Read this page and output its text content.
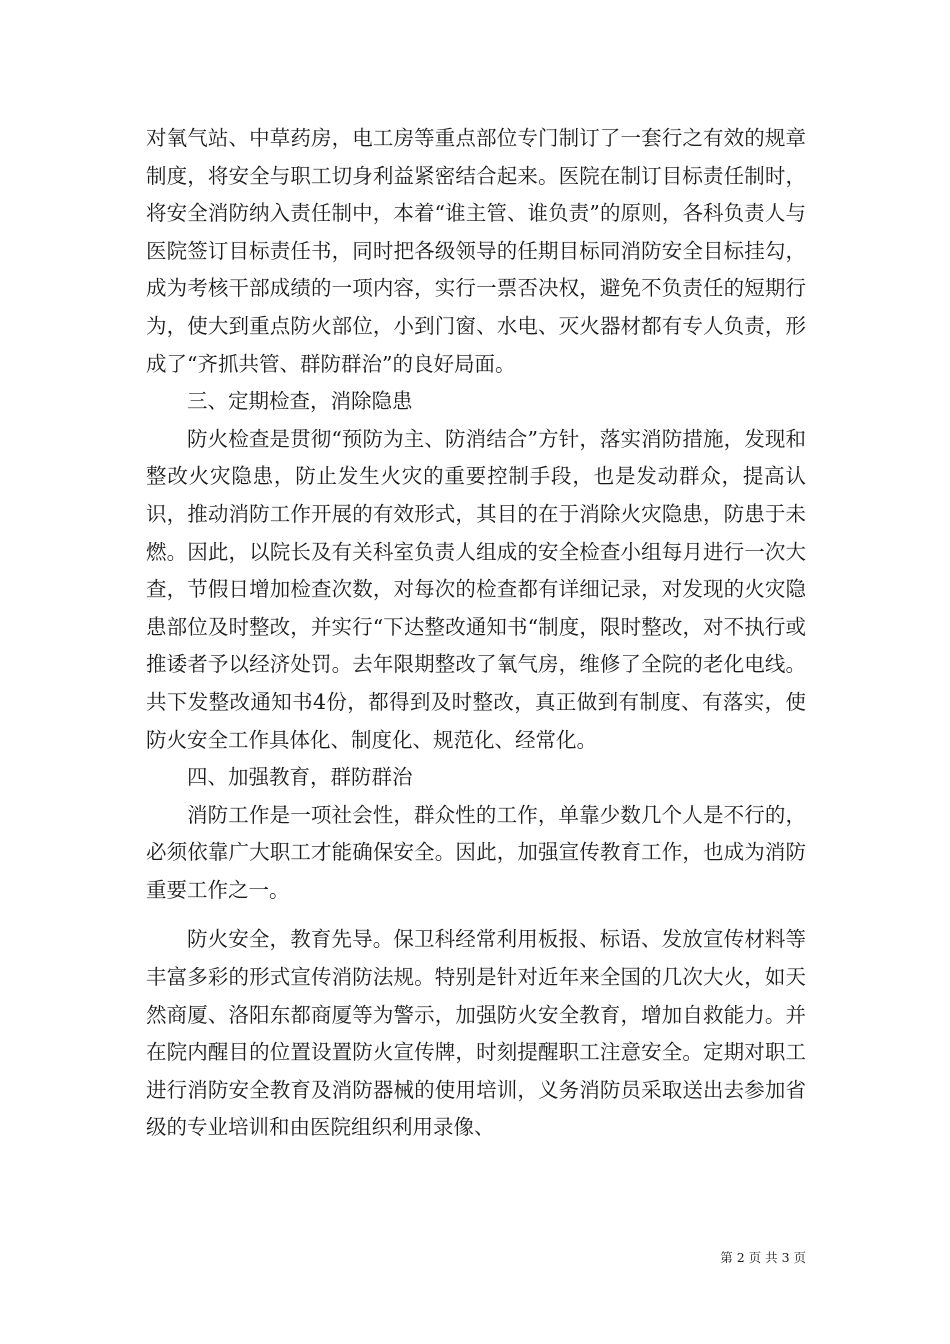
对氧气站、中草药房，电工房等重点部位专门制订了一套行之有效的规章制度，将安全与职工切身利益紧密结合起来。医院在制订目标责任制时，将安全消防纳入责任制中，本着“谁主管、谁负责”的原则，各科负责人与医院签订目标责任书，同时把各级领导的任期目标同消防安全目标挂勾，成为考核干部成绩的一项内容，实行一票否决权，避免不负责任的短期行为，使大到重点防火部位，小到门窗、水电、灭火器材都有专人负责，形成了“齐抓共管、群防群治”的良好局面。

三、定期检查，消除隐患

防火检查是贯彻“预防为主、防消结合”方针，落实消防措施，发现和整改火灾隐患，防止发生火灾的重要控制手段，也是发动群众，提高认识，推动消防工作开展的有效形式，其目的在于消除火灾隐患，防患于未燃。因此，以院长及有关科室负责人组成的安全检查小组每月进行一次大查，节假日增加检查次数，对每次的检查都有详细记录，对发现的火灾隐患部位及时整改，并实行“下达整改通知书“制度，限时整改，对不执行或推诿者予以经济处罚。去年限期整改了氧气房，维修了全院的老化电线。共下发整改通知书4份，都得到及时整改，真正做到有制度、有落实，使防火安全工作具体化、制度化、规范化、经常化。

四、加强教育，群防群治

消防工作是一项社会性，群众性的工作，单靠少数几个人是不行的，必须依靠广大职工才能确保安全。因此，加强宣传教育工作，也成为消防重要工作之一。

防火安全，教育先导。保卫科经常利用板报、标语、发放宣传材料等丰富多彩的形式宣传消防法规。特别是针对近年来全国的几次大火，如天然商厦、洛阳东都商厦等为警示，加强防火安全教育，增加自救能力。并在院内醒目的位置设置防火宣传牌，时刻提醒职工注意安全。定期对职工进行消防安全教育及消防器械的使用培训，义务消防员采取送出去参加省级的专业培训和由医院组织利用录像、

第 2 页 共 3 页
